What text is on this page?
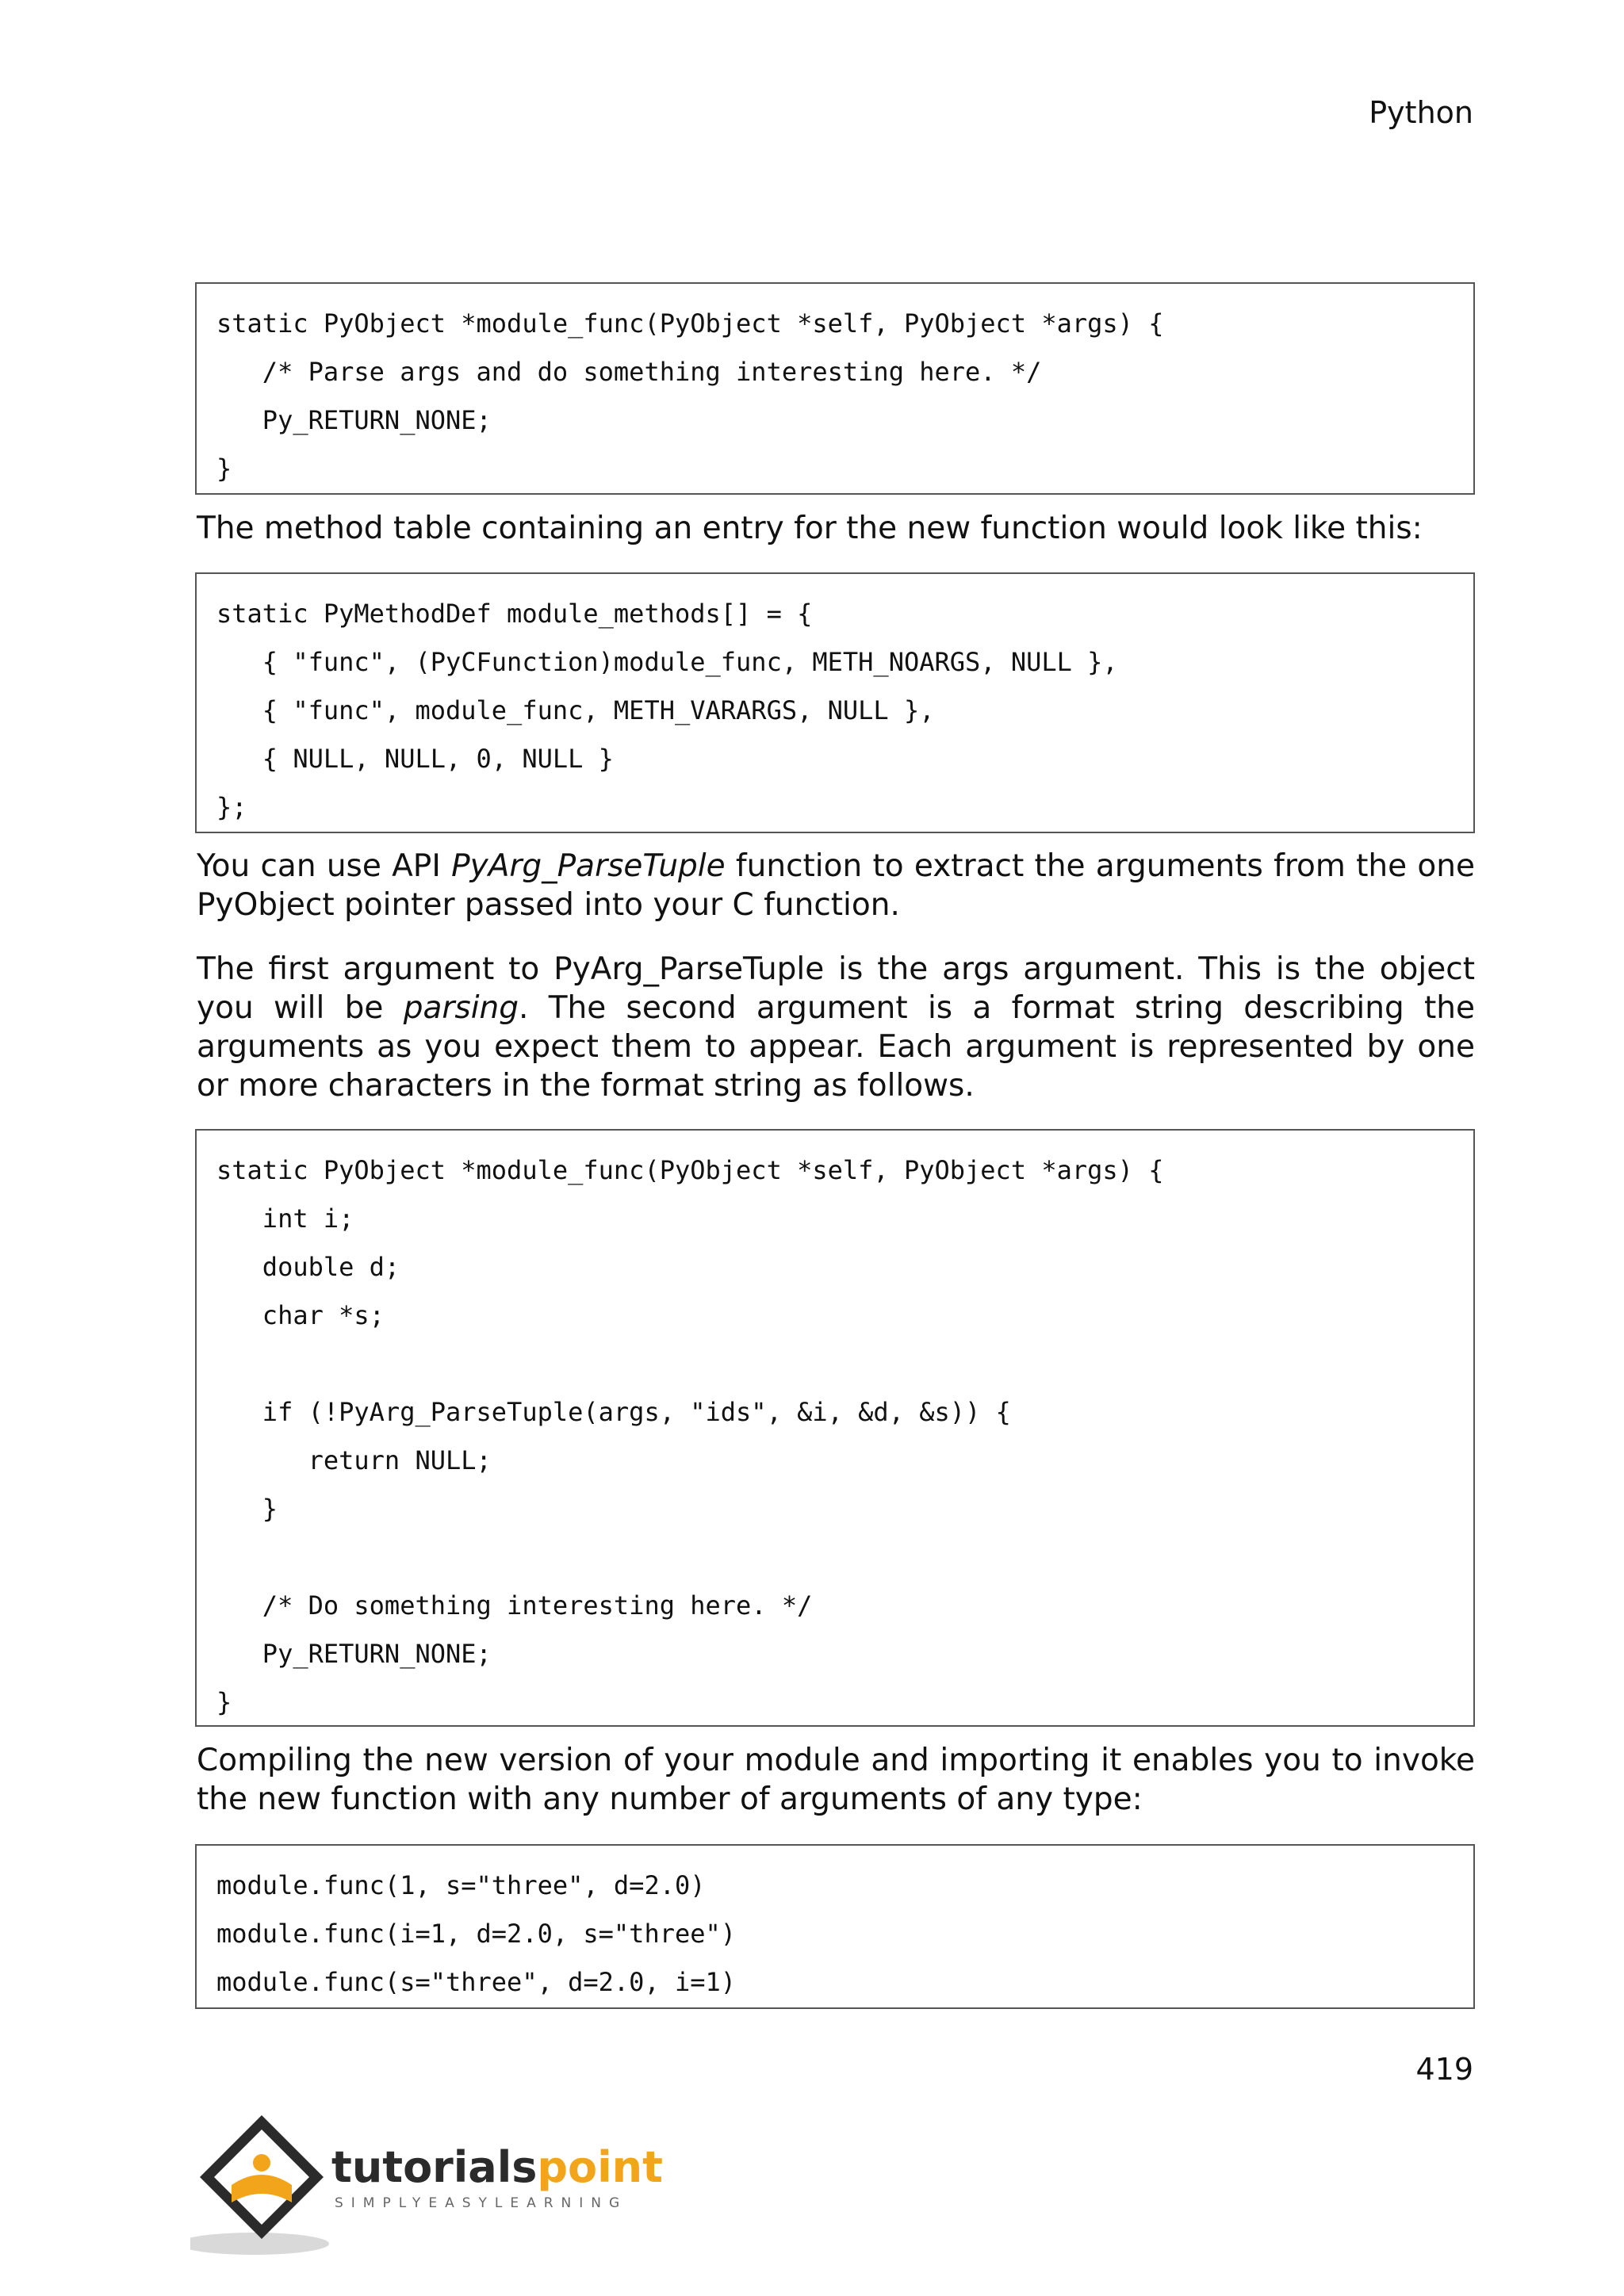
Python
static PyObject *module_func(PyObject *self, PyObject *args) {
/* Parse args and do something interesting here. */
Py_RETURN_NONE;
}
The method table containing an entry for the new function would look like this:
static PyMethodDef module_methods[] = {
{ "func", (PyCFunction)module_func, METH_NOARGS, NULL },
{ "func", module_func, METH_VARARGS, NULL },
{ NULL, NULL, 0, NULL }
};
You can use API PyArg_ParseTuple function to extract the arguments from the one PyObject pointer passed into your C function.
The first argument to PyArg_ParseTuple is the args argument. This is the object you will be parsing. The second argument is a format string describing the arguments as you expect them to appear. Each argument is represented by one or more characters in the format string as follows.
static PyObject *module_func(PyObject *self, PyObject *args) {
int i;
double d;
char *s;
if (!PyArg_ParseTuple(args, "ids", &i, &d, &s)) {
return NULL;
}
/* Do something interesting here. */
Py_RETURN_NONE;
}
Compiling the new version of your module and importing it enables you to invoke the new function with any number of arguments of any type:
module.func(1, s="three", d=2.0)
module.func(i=1, d=2.0, s="three")
module.func(s="three", d=2.0, i=1)
419
tutorialspoint
SIMPLYEASYLEARNING
